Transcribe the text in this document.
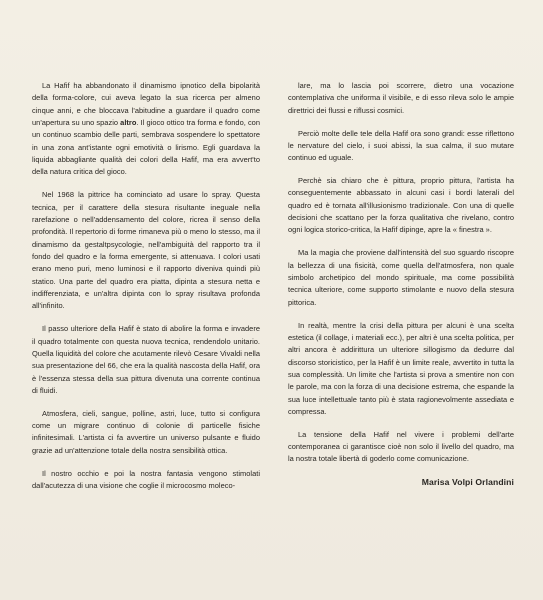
La Hafif ha abbandonato il dinamismo ipnotico della bipolarità della forma-colore, cui aveva legato la sua ricerca per almeno cinque anni, e che bloccava l'abitudine a guardare il quadro come un'apertura su uno spazio altro. Il gioco ottico tra forma e fondo, con un continuo scambio delle parti, sembrava sospendere lo spettatore in una zona ant'istante ogni emotività o lirismo. Egli guardava la liquida abbagliante qualità dei colori della Hafif, ma era avvert'to della natura critica del gioco.

Nel 1968 la pittrice ha cominciato ad usare lo spray. Questa tecnica, per il carattere della stesura risultante ineguale nella rarefazione o nell'addensamento del colore, ricrea il senso della profondità. Il repertorio di forme rimaneva più o meno lo stesso, ma il dinamismo da gestaltpsycologie, nell'ambiguità del rapporto tra il fondo del quadro e la forma emergente, si attenuava. I colori usati erano meno puri, meno luminosi e il rapporto diveniva quindi più statico. Una parte del quadro era piatta, dipinta a stesura netta e indifferenziata, e un'altra dipinta con lo spray risultava profonda all'infinito.

Il passo ulteriore della Hafif è stato di abolire la forma e invadere il quadro totalmente con questa nuova tecnica, rendendolo unitario. Quella liquidità del colore che acutamente rilevò Cesare Vivaldi nella sua presentazione del 66, che era la qualità nascosta della Hafif, ora è l'essenza stessa della sua pittura divenuta una corrente continua di fluidi.

Atmosfera, cieli, sangue, polline, astri, luce, tutto si configura come un migrare continuo di colonie di particelle fisiche infinitesimali. L'artista ci fa avvertire un universo pulsante e fluido grazie ad un'attenzione totale della nostra sensibilità ottica.

Il nostro occhio e poi la nostra fantasia vengono stimolati dall'acutezza di una visione che coglie il microcosmo moleco-

lare, ma lo lascia poi scorrere, dietro una vocazione contemplativa che uniforma il visibile, e di esso rileva solo le ampie direttrici dei flussi e riflussi cosmici.

Perciò molte delle tele della Hafif ora sono grandi: esse riflettono le nervature del cielo, i suoi abissi, la sua calma, il suo mutare continuo ed uguale.

Perchè sia chiaro che è pittura, proprio pittura, l'artista ha conseguentemente abbassato in alcuni casi i bordi laterali del quadro ed è tornata all'illusionismo tradizionale. Con una di quelle decisioni che scattano per la forza qualitativa che rivelano, contro ogni logica storico-critica, la Hafif dipinge, apre la « finestra ».

Ma la magia che proviene dall'intensità del suo sguardo riscopre la bellezza di una fisicità, come quella dell'atmosfera, non quale simbolo archetipico del mondo spirituale, ma come possibilità tecnica ulteriore, come supporto stimolante e nuovo della stesura pittorica.

In realtà, mentre la crisi della pittura per alcuni è una scelta estetica (il collage, i materiali ecc.), per altri è una scelta politica, per altri ancora è addirittura un ulteriore sillogismo da dedurre dal discorso storicistico, per la Hafif è un limite reale, avvertito in tutta la sua complessità. Un limite che l'artista si prova a smentire non con le parole, ma con la forza di una decisione estrema, che espande la sua luce intellettuale tanto più è stata ragionevolmente assediata e compressa.

La tensione della Hafif nel vivere i problemi dell'arte contemporanea ci garantisce cioè non solo il livello del quadro, ma la nostra totale libertà di goderlo come comunicazione.

Marisa Volpi Orlandini
